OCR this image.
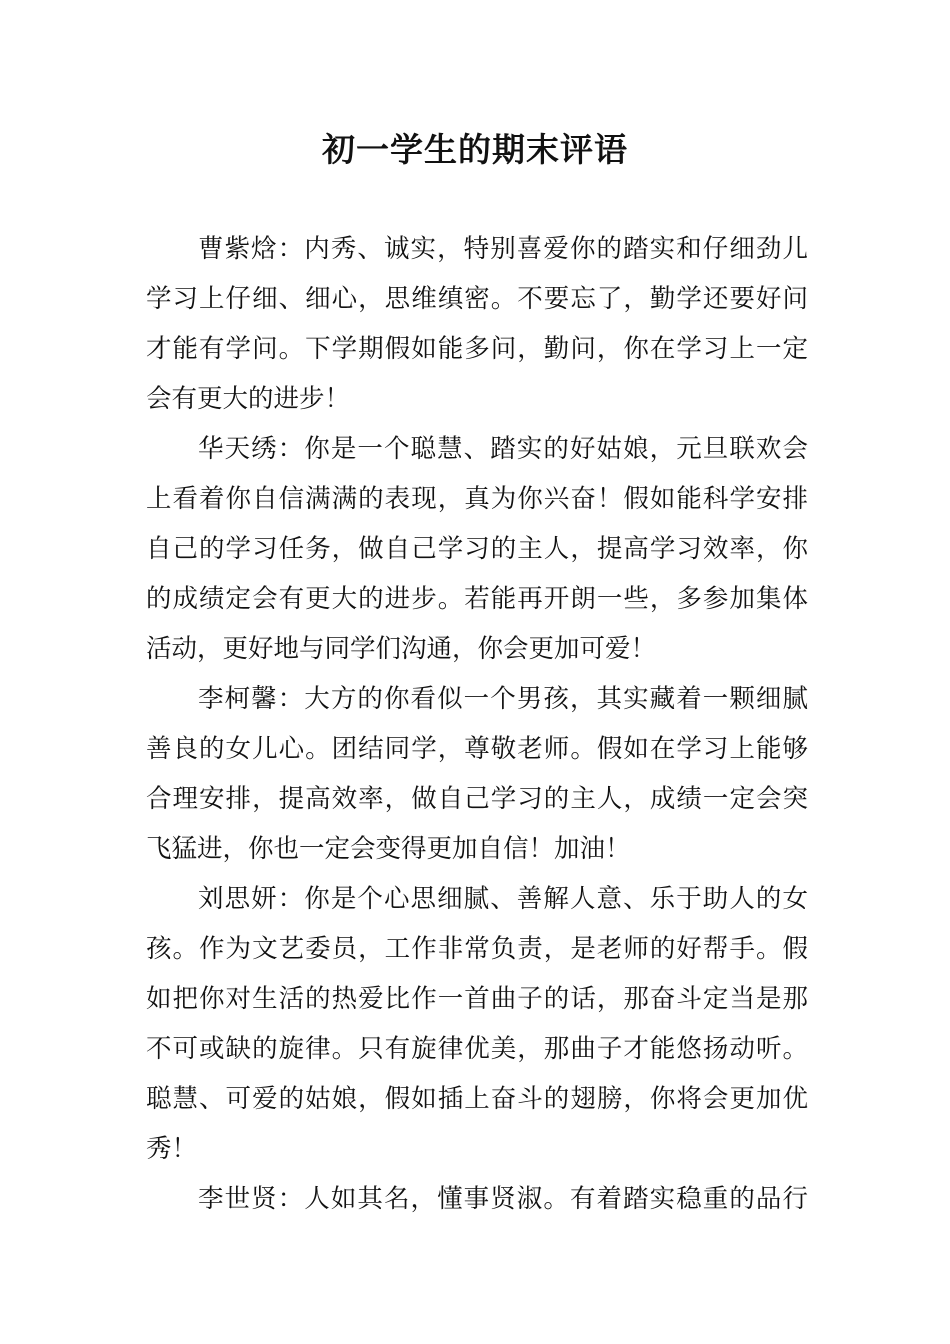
初一学生的期末评语
曹紫焓：内秀、诚实，特别喜爱你的踏实和仔细劲儿
学习上仔细、细心，思维缜密。不要忘了，勤学还要好问
才能有学问。下学期假如能多问，勤问，你在学习上一定
会有更大的进步！
华天绣：你是一个聪慧、踏实的好姑娘，元旦联欢会
上看着你自信满满的表现，真为你兴奋！假如能科学安排
自己的学习任务，做自己学习的主人，提高学习效率，你
的成绩定会有更大的进步。若能再开朗一些，多参加集体
活动，更好地与同学们沟通，你会更加可爱！
李柯馨：大方的你看似一个男孩，其实藏着一颗细腻
善良的女儿心。团结同学，尊敬老师。假如在学习上能够
合理安排，提高效率，做自己学习的主人，成绩一定会突
飞猛进，你也一定会变得更加自信！加油！
刘思妍：你是个心思细腻、善解人意、乐于助人的女
孩。作为文艺委员，工作非常负责，是老师的好帮手。假
如把你对生活的热爱比作一首曲子的话，那奋斗定当是那
不可或缺的旋律。只有旋律优美，那曲子才能悠扬动听。
聪慧、可爱的姑娘，假如插上奋斗的翅膀，你将会更加优
秀！
李世贤：人如其名，懂事贤淑。有着踏实稳重的品行
